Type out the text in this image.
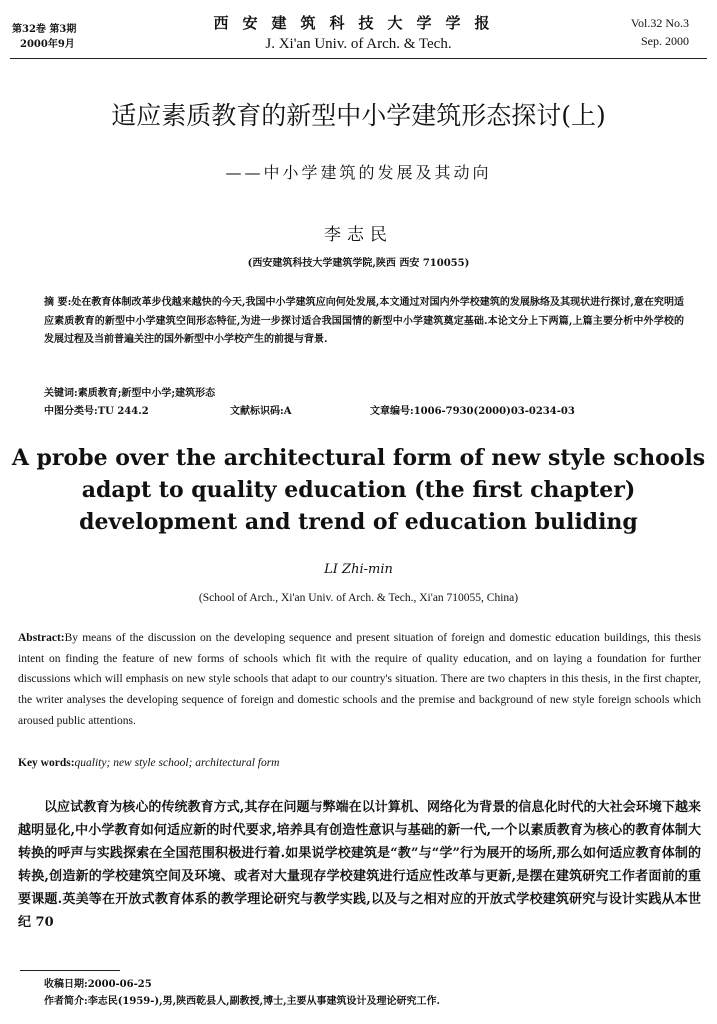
第32卷 第3期
2000年9月
西安建筑科技大学学报
J. Xi'an Univ. of Arch. & Tech.
Vol.32 No.3
Sep. 2000
适应素质教育的新型中小学建筑形态探讨(上)
——中小学建筑的发展及其动向
李志民
(西安建筑科技大学建筑学院,陕西 西安 710055)
摘 要:处在教育体制改革步伐越来越快的今天,我国中小学建筑应向何处发展,本文通过对国内外学校建筑的发展脉络及其现状进行探讨,意在究明适应素质教育的新型中小学建筑空间形态特征,为进一步探讨适合我国国情的新型中小学建筑奠定基础.本论文分上下两篇,上篇主要分析中外学校的发展过程及当前普遍关注的国外新型中小学校产生的前提与背景.
关键词:素质教育;新型中小学;建筑形态
中图分类号:TU 244.2	文献标识码:A	文章编号:1006-7930(2000)03-0234-03
A probe over the architectural form of new style schools
adapt to quality education (the first chapter)
development and trend of education buliding
LI Zhi-min
(School of Arch., Xi'an Univ. of Arch. & Tech., Xi'an 710055, China)
Abstract:By means of the discussion on the developing sequence and present situation of foreign and domestic education buildings, this thesis intent on finding the feature of new forms of schools which fit with the require of quality education, and on laying a foundation for further discussions which will emphasis on new style schools that adapt to our country's situation. There are two chapters in this thesis, in the first chapter, the writer analyses the developing sequence of foreign and domestic schools and the premise and background of new style foreign schools which aroused public attentions.
Key words:quality; new style school; architectural form
以应试教育为核心的传统教育方式,其存在问题与弊端在以计算机、网络化为背景的信息化时代的大社会环境下越来越明显化,中小学教育如何适应新的时代要求,培养具有创造性意识与基础的新一代,一个以素质教育为核心的教育体制大转换的呼声与实践探索在全国范围积极进行着.如果说学校建筑是“教”与“学”行为展开的场所,那么如何适应教育体制的转换,创造新的学校建筑空间及环境、或者对大量现存学校建筑进行适应性改革与更新,是摆在建筑研究工作者面前的重要课题.英美等在开放式教育体系的教学理论研究与教学实践,以及与之相对应的开放式学校建筑研究与设计实践从本世纪 70
收稿日期:2000-06-25
作者简介:李志民(1959-),男,陕西乾县人,副教授,博士,主要从事建筑设计及理论研究工作.
